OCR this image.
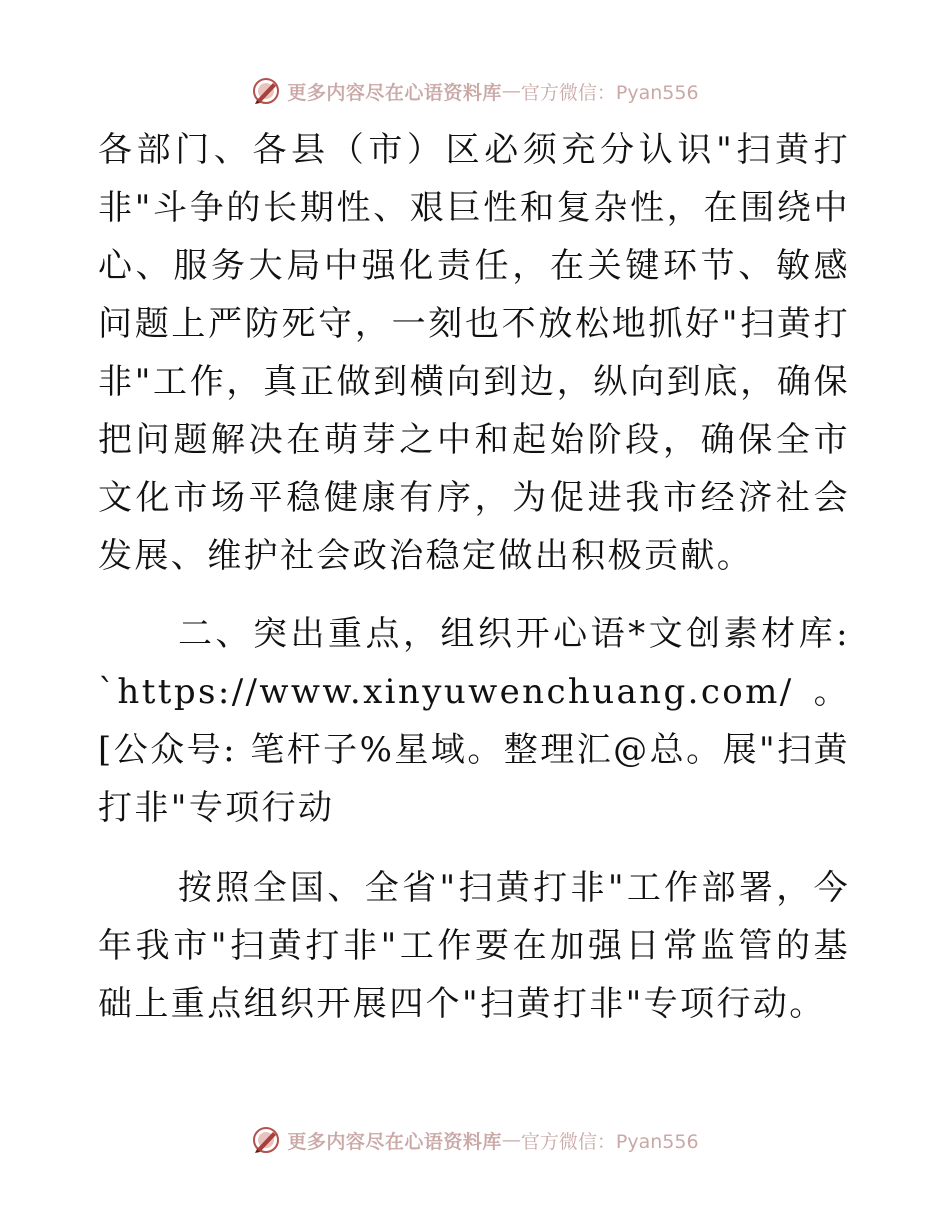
更多内容尽在心语资料库 — 官方微信：Pyan556

各部门、各县（市）区必须充分认识"扫黄打非"斗争的长期性、艰巨性和复杂性，在围绕中心、服务大局中强化责任，在关键环节、敏感问题上严防死守，一刻也不放松地抓好"扫黄打非"工作，真正做到横向到边，纵向到底，确保把问题解决在萌芽之中和起始阶段，确保全市文化市场平稳健康有序，为促进我市经济社会发展、维护社会政治稳定做出积极贡献。

二、突出重点，组织开心语*文创素材库: `https://www.xinyuwenchuang.com/。[公众号: 笔杆子%星域。整理汇@总。展"扫黄打非"专项行动

按照全国、全省"扫黄打非"工作部署，今年我市"扫黄打非"工作要在加强日常监管的基础上重点组织开展四个"扫黄打非"专项行动。

更多内容尽在心语资料库 — 官方微信：Pyan556
